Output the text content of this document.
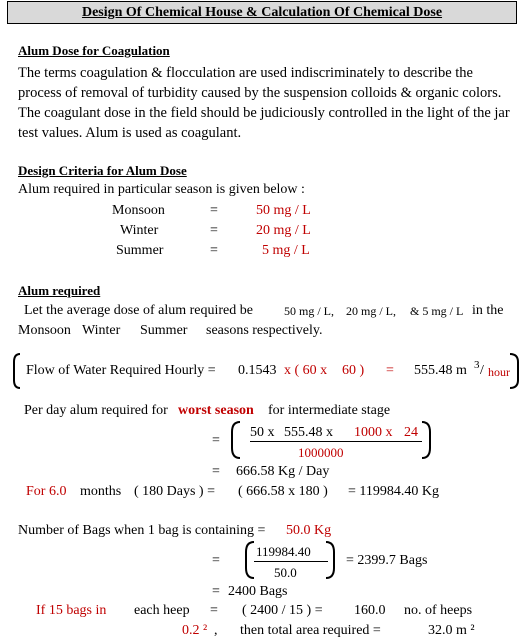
Design Of Chemical House & Calculation Of Chemical Dose
Alum Dose for Coagulation
The terms coagulation & flocculation are used indiscriminately to describe the process of removal of turbidity caused by the suspension colloids & organic colors. The coagulant dose in the field should be judiciously controlled in the light of the jar test values. Alum is used as coagulant.
Design Criteria for Alum Dose
Alum required in particular season is given below :
Monsoon	=	50 mg / L
Winter	=	20 mg / L
Summer	=	5 mg / L
Alum required
Let the average dose of alum required be	50 mg / L, 20 mg / L, & 5 mg / L in the
Monsoon Winter Summer seasons respectively.
Flow of Water Required Hourly = 0.1543 x ( 60 x 60 ) = 555.48 m 3 / hour
Per day alum required for worst season for intermediate stage
=
50 x 555.48 x 1000 x 24
1000000
= 666.58 Kg / Day
For 6.0 months ( 180 Days ) = ( 666.58 x 180 ) = 119984.40 Kg
Number of Bags when 1 bag is containing = 50.0 Kg
=
119984.40
50.0
= 2399.7 Bags
= 2400 Bags
If 15 bags in each heep = ( 2400 / 15 ) = 160.0 no. of heeps
0.2 ² , then total area required =	32.0 m ²
